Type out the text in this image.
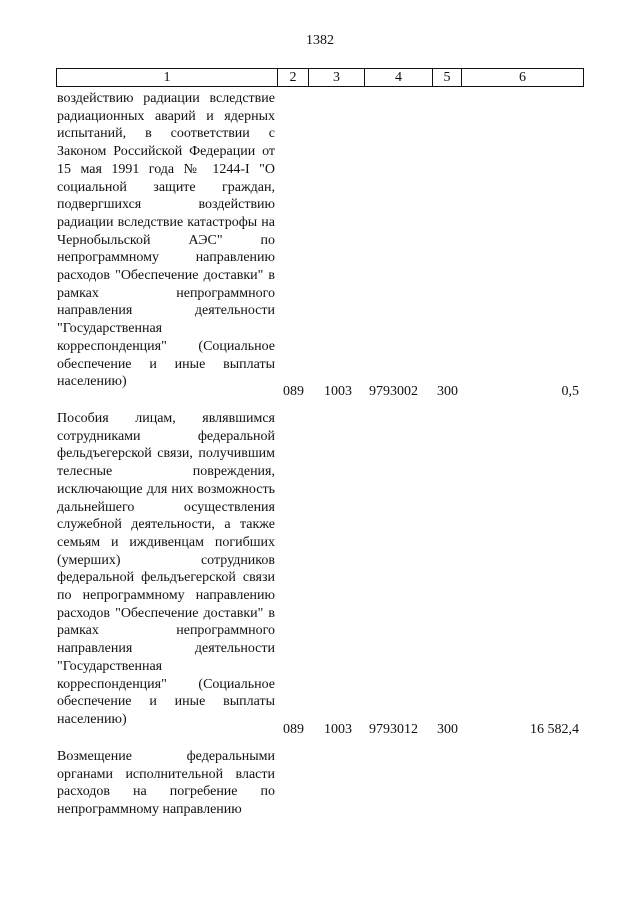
1382
1	2	3	4	5	6
воздействию радиации вследствие радиационных аварий и ядерных испытаний, в соответствии с Законом Российской Федерации от 15 мая 1991 года № 1244-I "О социальной защите граждан, подвергшихся воздействию радиации вследствие катастрофы на Чернобыльской АЭС" по непрограммному направлению расходов "Обеспечение доставки" в рамках непрограммного направления деятельности "Государственная корреспонденция" (Социальное обеспечение и иные выплаты населению)
089 1003 9793002 300	0,5
Пособия лицам, являвшимся сотрудниками федеральной фельдъегерской связи, получившим телесные повреждения, исключающие для них возможность дальнейшего осуществления служебной деятельности, а также семьям и иждивенцам погибших (умерших) сотрудников федеральной фельдъегерской связи по непрограммному направлению расходов "Обеспечение доставки" в рамках непрограммного направления деятельности "Государственная корреспонденция" (Социальное обеспечение и иные выплаты населению)
089 1003 9793012 300	16 582,4
Возмещение федеральными органами исполнительной власти расходов на погребение по непрограммному направлению
